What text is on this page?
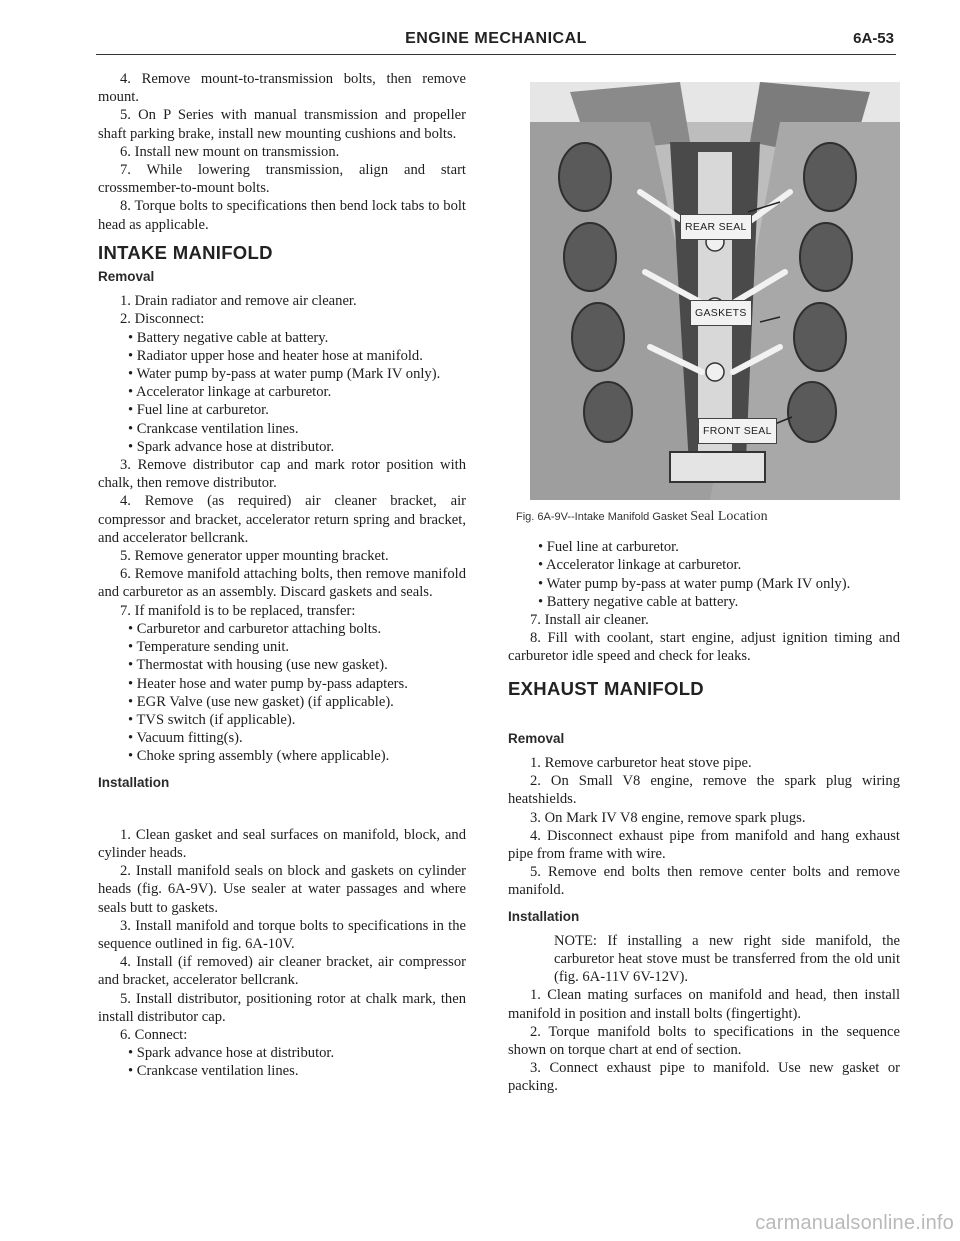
ENGINE MECHANICAL	6A-53

4. Remove mount-to-transmission bolts, then remove mount.

5. On P Series with manual transmission and propeller shaft parking brake, install new mounting cushions and bolts.

6. Install new mount on transmission.

7. While lowering transmission, align and start crossmember-to-mount bolts.

8. Torque bolts to specifications then bend lock tabs to bolt head as applicable.

INTAKE MANIFOLD
Removal

1. Drain radiator and remove air cleaner.

2. Disconnect:

• Battery negative cable at battery.

• Radiator upper hose and heater hose at manifold.

• Water pump by-pass at water pump (Mark IV only).

• Accelerator linkage at carburetor.

• Fuel line at carburetor.

• Crankcase ventilation lines.

• Spark advance hose at distributor.

3. Remove distributor cap and mark rotor position with chalk, then remove distributor.

4. Remove (as required) air cleaner bracket, air compressor and bracket, accelerator return spring and bracket, and accelerator bellcrank.

5. Remove generator upper mounting bracket.

6. Remove manifold attaching bolts, then remove manifold and carburetor as an assembly. Discard gaskets and seals.

7. If manifold is to be replaced, transfer:

• Carburetor and carburetor attaching bolts.

• Temperature sending unit.

• Thermostat with housing (use new gasket).

• Heater hose and water pump by-pass adapters.

• EGR Valve (use new gasket) (if applicable).

• TVS switch (if applicable).

• Vacuum fitting(s).

• Choke spring assembly (where applicable).

Installation

1. Clean gasket and seal surfaces on manifold, block, and cylinder heads.

2. Install manifold seals on block and gaskets on cylinder heads (fig. 6A-9V). Use sealer at water passages and where seals butt to gaskets.

3. Install manifold and torque bolts to specifications in the sequence outlined in fig. 6A-10V.

4. Install (if removed) air cleaner bracket, air compressor and bracket, accelerator bellcrank.

5. Install distributor, positioning rotor at chalk mark, then install distributor cap.

6. Connect:

• Spark advance hose at distributor.

• Crankcase ventilation lines.

REAR SEAL
GASKETS
FRONT SEAL
Fig. 6A-9V--Intake Manifold Gasket Seal Location

• Fuel line at carburetor.

• Accelerator linkage at carburetor.

• Water pump by-pass at water pump (Mark IV only).

• Battery negative cable at battery.

7. Install air cleaner.

8. Fill with coolant, start engine, adjust ignition timing and carburetor idle speed and check for leaks.

EXHAUST MANIFOLD
Removal

1. Remove carburetor heat stove pipe.

2. On Small V8 engine, remove the spark plug wiring heatshields.

3. On Mark IV V8 engine, remove spark plugs.

4. Disconnect exhaust pipe from manifold and hang exhaust pipe from frame with wire.

5. Remove end bolts then remove center bolts and remove manifold.

Installation

NOTE: If installing a new right side manifold, the carburetor heat stove must be transferred from the old unit (fig. 6A-11V 6V-12V).

1. Clean mating surfaces on manifold and head, then install manifold in position and install bolts (fingertight).

2. Torque manifold bolts to specifications in the sequence shown on torque chart at end of section.

3. Connect exhaust pipe to manifold. Use new gasket or packing.

carmanualsonline.info
